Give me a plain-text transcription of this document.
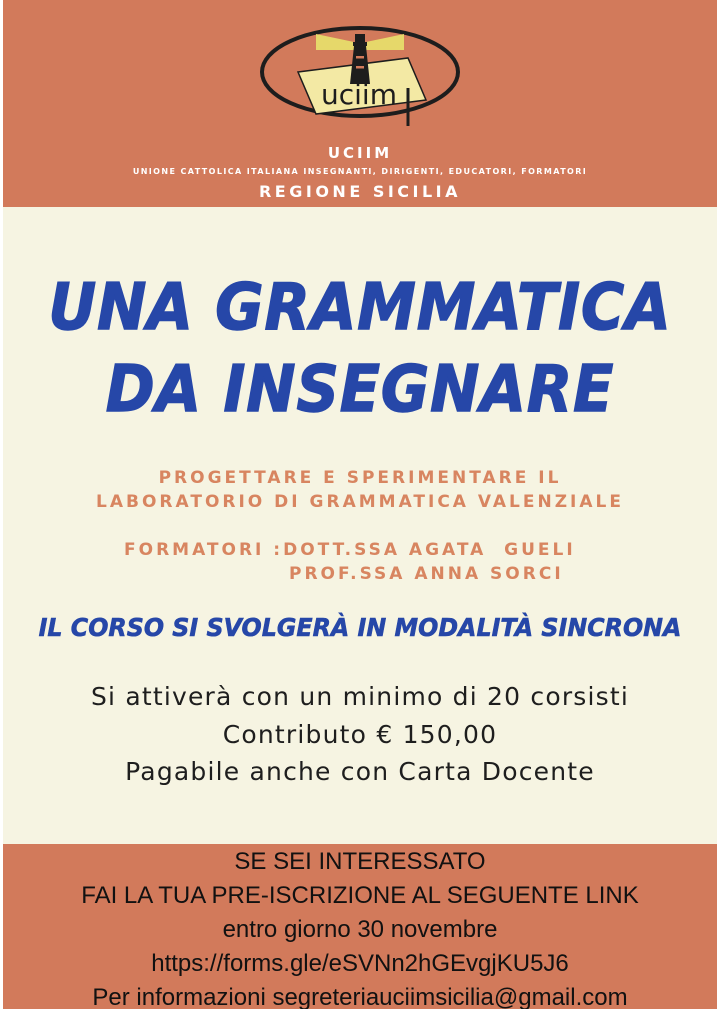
uciim
UCIIM
UNIONE CATTOLICA ITALIANA INSEGNANTI, DIRIGENTI, EDUCATORI, FORMATORI
REGIONE SICILIA
UNA GRAMMATICA
DA INSEGNARE
PROGETTARE E SPERIMENTARE IL
LABORATORIO DI GRAMMATICA VALENZIALE
FORMATORI :DOTT.SSA AGATA  GUELI
PROF.SSA ANNA SORCI
IL CORSO SI SVOLGERÀ IN MODALITÀ SINCRONA
Si attiverà con un minimo di 20 corsisti
Contributo € 150,00
Pagabile anche con Carta Docente
SE SEI INTERESSATO
FAI LA TUA PRE-ISCRIZIONE AL SEGUENTE LINK
entro giorno 30 novembre
https://forms.gle/eSVNn2hGEvgjKU5J6
Per informazioni segreteriauciimsicilia@gmail.com
